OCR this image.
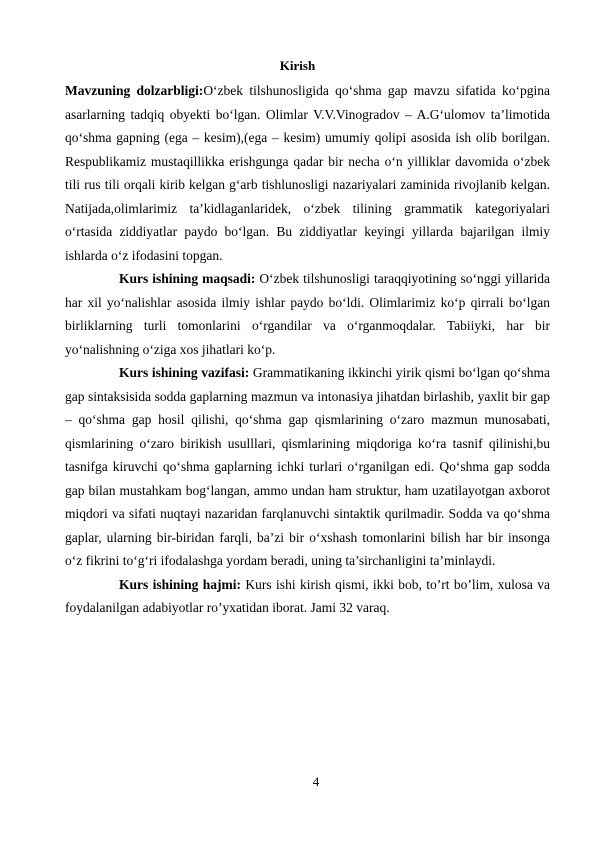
Kirish

Mavzuning dolzarbligi:O‘zbek tilshunosligida qo‘shma gap mavzu sifatida ko‘pgina asarlarning tadqiq obyekti bo‘lgan. Olimlar V.V.Vinogradov – A.G‘ulomov ta’limotida qo‘shma gapning (ega – kesim),(ega – kesim) umumiy qolipi asosida ish olib borilgan. Respublikamiz mustaqillikka erishgunga qadar bir necha o‘n yilliklar davomida o‘zbek tili rus tili orqali kirib kelgan g‘arb tishlunosligi nazariyalari zaminida rivojlanib kelgan. Natijada,olimlarimiz ta’kidlaganlaridek, o‘zbek tilining grammatik kategoriyalari o‘rtasida ziddiyatlar paydo bo‘lgan. Bu ziddiyatlar keyingi yillarda bajarilgan ilmiy ishlarda o‘z ifodasini topgan.

Kurs ishining maqsadi: O‘zbek tilshunosligi taraqqiyotining so‘nggi yillarida har xil yo‘nalishlar asosida ilmiy ishlar paydo bo‘ldi. Olimlarimiz ko‘p qirrali bo‘lgan birliklarning turli tomonlarini o‘rgandilar va o‘rganmoqdalar. Tabiiyki, har bir yo‘nalishning o‘ziga xos jihatlari ko‘p.

Kurs ishining vazifasi: Grammatikaning ikkinchi yirik qismi bo‘lgan qo‘shma gap sintaksisida sodda gaplarning mazmun va intonasiya jihatdan birlashib, yaxlit bir gap – qo‘shma gap hosil qilishi, qo‘shma gap qismlarining o‘zaro mazmun munosabati, qismlarining o‘zaro birikish usulllari, qismlarining miqdoriga ko‘ra tasnif qilinishi,bu tasnifga kiruvchi qo‘shma gaplarning ichki turlari o‘rganilgan edi. Qo‘shma gap sodda gap bilan mustahkam bog‘langan, ammo undan ham struktur, ham uzatilayotgan axborot miqdori va sifati nuqtayi nazaridan farqlanuvchi sintaktik qurilmadir. Sodda va qo‘shma gaplar, ularning bir-biridan farqli, ba’zi bir o‘xshash tomonlarini bilish har bir insonga o‘z fikrini to‘g‘ri ifodalashga yordam beradi, uning ta’sirchanligini ta’minlaydi.

Kurs ishining hajmi: Kurs ishi kirish qismi, ikki bob, to’rt bo’lim, xulosa va foydalanilgan adabiyotlar ro’yxatidan iborat. Jami 32 varaq.

4
